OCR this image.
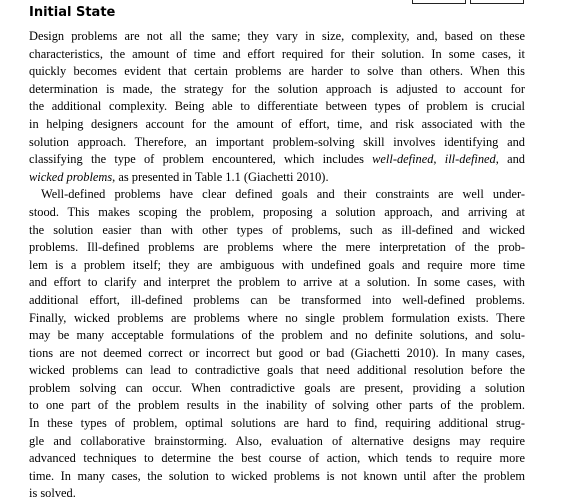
Initial State
Design problems are not all the same; they vary in size, complexity, and, based on these
characteristics, the amount of time and effort required for their solution. In some cases, it
quickly becomes evident that certain problems are harder to solve than others. When this
determination is made, the strategy for the solution approach is adjusted to account for
the additional complexity. Being able to differentiate between types of problem is crucial
in helping designers account for the amount of effort, time, and risk associated with the
solution approach. Therefore, an important problem-solving skill involves identifying and
classifying the type of problem encountered, which includes well-defined, ill-defined, and
wicked problems, as presented in Table 1.1 (Giachetti 2010).
Well-defined problems have clear defined goals and their constraints are well under-
stood. This makes scoping the problem, proposing a solution approach, and arriving at
the solution easier than with other types of problems, such as ill-defined and wicked
problems. Ill-defined problems are problems where the mere interpretation of the prob-
lem is a problem itself; they are ambiguous with undefined goals and require more time
and effort to clarify and interpret the problem to arrive at a solution. In some cases, with
additional effort, ill-defined problems can be transformed into well-defined problems.
Finally, wicked problems are problems where no single problem formulation exists. There
may be many acceptable formulations of the problem and no definite solutions, and solu-
tions are not deemed correct or incorrect but good or bad (Giachetti 2010). In many cases,
wicked problems can lead to contradictive goals that need additional resolution before the
problem solving can occur. When contradictive goals are present, providing a solution
to one part of the problem results in the inability of solving other parts of the problem.
In these types of problem, optimal solutions are hard to find, requiring additional strug-
gle and collaborative brainstorming. Also, evaluation of alternative designs may require
advanced techniques to determine the best course of action, which tends to require more
time. In many cases, the solution to wicked problems is not known until after the problem
is solved.
